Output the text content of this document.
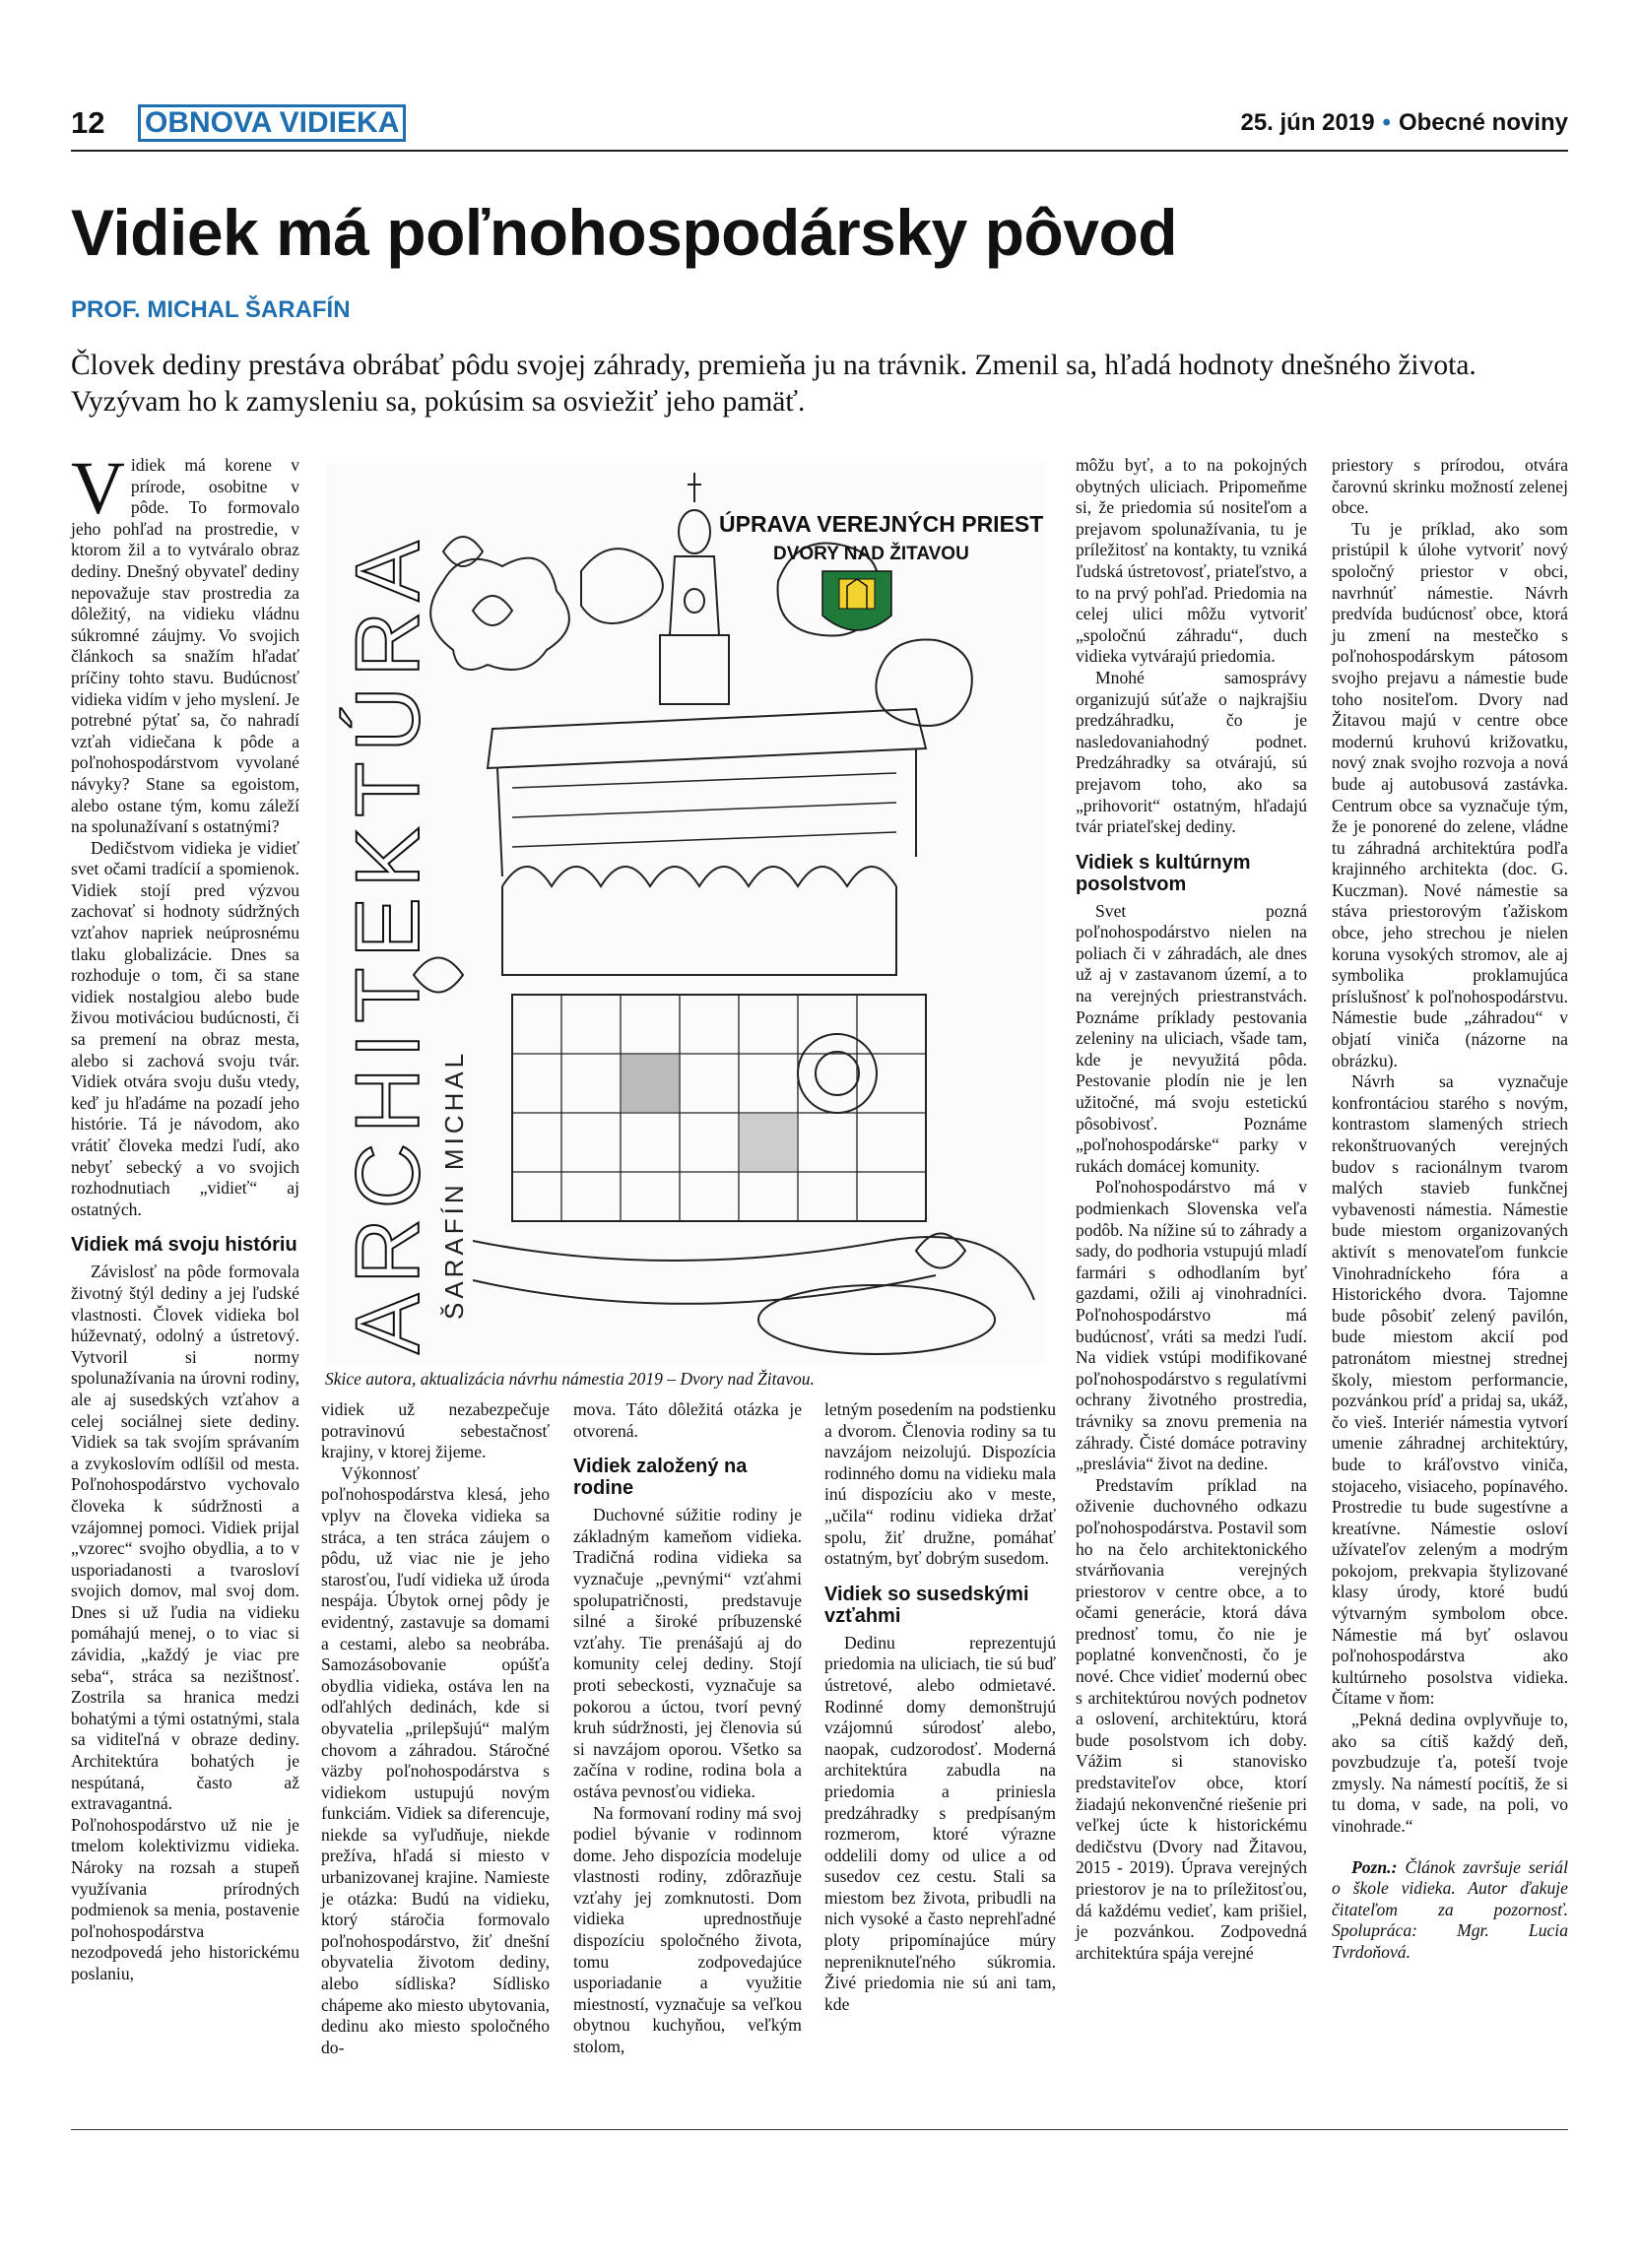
12 OBNOVA VIDIEKA	25. jún 2019 • Obecné noviny
Vidiek má poľnohospodársky pôvod
PROF. MICHAL ŠARAFÍN

Človek dediny prestáva obrábať pôdu svojej záhrady, premieňa ju na trávnik. Zmenil sa, hľadá hodnoty dnešného života. Vyzývam ho k zamysleniu sa, pokúsim sa osviežiť jeho pamäť.

Vidiek má korene v prírode, osobitne v pôde. To formovalo jeho pohľad na prostredie, v ktorom žil a to vytváralo obraz dediny. Dnešný obyvateľ dediny nepovažuje stav prostredia za dôležitý, na vidieku vládnu súkromné záujmy. Vo svojich článkoch sa snažím hľadať príčiny tohto stavu. Budúcnosť vidieka vidím v jeho myslení. Je potrebné pýtať sa, čo nahradí vzťah vidiečana k pôde a poľnohospodárstvom vyvolané návyky? Stane sa egoistom, alebo ostane tým, komu záleží na spolunažívaní s ostatnými?

Dedičstvom vidieka je vidieť svet očami tradícií a spomienok. Vidiek stojí pred výzvou zachovať si hodnoty súdržných vzťahov napriek neúprosnému tlaku globalizácie. Dnes sa rozhoduje o tom, či sa stane vidiek nostalgiou alebo bude živou motiváciou budúcnosti, či sa premení na obraz mesta, alebo si zachová svoju tvár. Vidiek otvára svoju dušu vtedy, keď ju hľadáme na pozadí jeho histórie. Tá je návodom, ako vrátiť človeka medzi ľudí, ako nebyť sebecký a vo svojich rozhodnutiach „vidieť“ aj ostatných.

Vidiek má svoju históriu

Závislosť na pôde formovala životný štýl dediny a jej ľudské vlastnosti. Človek vidieka bol húževnatý, odolný a ústretový. Vytvoril si normy spolunažívania na úrovni rodiny, ale aj susedských vzťahov a celej sociálnej siete dediny. Vidiek sa tak svojím správaním a zvykoslovím odlíšil od mesta. Poľnohospodárstvo vychovalo človeka k súdržnosti a vzájomnej pomoci. Vidiek prijal „vzorec“ svojho obydlia, a to v usporiadanosti a tvarosloví svojich domov, mal svoj dom. Dnes si už ľudia na vidieku pomáhajú menej, o to viac si závidia, „každý je viac pre seba“, stráca sa nezištnosť. Zostrila sa hranica medzi bohatými a tými ostatnými, stala sa viditeľná v obraze dediny. Architektúra bohatých je nespútaná, často až extravagantná. Poľnohospodárstvo už nie je tmelom kolektivizmu vidieka. Nároky na rozsah a stupeň využívania prírodných podmienok sa menia, postavenie poľnohospodárstva nezodpovedá jeho historickému poslaniu,

ÚPRAVA VEREJNÝCH PRIEST
DVORY NAD ŽITAVOU
ARCHITEKTÚRA ŠARAFÍN MICHAL
Skice autora, aktualizácia návrhu námestia 2019 – Dvory nad Žitavou.

vidiek už nezabezpečuje potravinovú sebestačnosť krajiny, v ktorej žijeme.

Výkonnosť poľnohospodárstva klesá, jeho vplyv na človeka vidieka sa stráca, a ten stráca záujem o pôdu, už viac nie je jeho starosťou, ľudí vidieka už úroda nespája. Úbytok ornej pôdy je evidentný, zastavuje sa domami a cestami, alebo sa neobrába. Samozásobovanie opúšťa obydlia vidieka, ostáva len na odľahlých dedinách, kde si obyvatelia „prilepšujú“ malým chovom a záhradou. Stáročné väzby poľnohospodárstva s vidiekom ustupujú novým funkciám. Vidiek sa diferencuje, niekde sa vyľudňuje, niekde prežíva, hľadá si miesto v urbanizovanej krajine. Namieste je otázka: Budú na vidieku, ktorý stáročia formovalo poľnohospodárstvo, žiť dnešní obyvatelia životom dediny, alebo sídliska? Sídlisko chápeme ako miesto ubytovania, dedinu ako miesto spoločného do-

mova. Táto dôležitá otázka je otvorená.

Vidiek založený na rodine

Duchovné súžitie rodiny je základným kameňom vidieka. Tradičná rodina vidieka sa vyznačuje „pevnými“ vzťahmi spolupatričnosti, predstavuje silné a široké príbuzenské vzťahy. Tie prenášajú aj do komunity celej dediny. Stojí proti sebeckosti, vyznačuje sa pokorou a úctou, tvorí pevný kruh súdržnosti, jej členovia sú si navzájom oporou. Všetko sa začína v rodine, rodina bola a ostáva pevnosťou vidieka.

Na formovaní rodiny má svoj podiel bývanie v rodinnom dome. Jeho dispozícia modeluje vlastnosti rodiny, zdôrazňuje vzťahy jej zomknutosti. Dom vidieka uprednostňuje dispozíciu spoločného života, tomu zodpovedajúce usporiadanie a využitie miestností, vyznačuje sa veľkou obytnou kuchyňou, veľkým stolom,

letným posedením na podstienku a dvorom. Členovia rodiny sa tu navzájom neizolujú. Dispozícia rodinného domu na vidieku mala inú dispozíciu ako v meste, „učila“ rodinu vidieka držať spolu, žiť družne, pomáhať ostatným, byť dobrým susedom.

Vidiek so susedskými vzťahmi

Dedinu reprezentujú priedomia na uliciach, tie sú buď ústretové, alebo odmietavé. Rodinné domy demonštrujú vzájomnú súrodosť alebo, naopak, cudzorodosť. Moderná architektúra zabudla na priedomia a priniesla predzáhradky s predpísaným rozmerom, ktoré výrazne oddelili domy od ulice a od susedov cez cestu. Stali sa miestom bez života, pribudli na nich vysoké a často neprehľadné ploty pripomínajúce múry nepreniknuteľného súkromia. Živé priedomia nie sú ani tam, kde

môžu byť, a to na pokojných obytných uliciach. Pripomeňme si, že priedomia sú nositeľom a prejavom spolunažívania, tu je príležitosť na kontakty, tu vzniká ľudská ústretovosť, priateľstvo, a to na prvý pohľad. Priedomia na celej ulici môžu vytvoriť „spoločnú záhradu“, duch vidieka vytvárajú priedomia.

Mnohé samosprávy organizujú súťaže o najkrajšiu predzáhradku, čo je nasledovaniahodný podnet. Predzáhradky sa otvárajú, sú prejavom toho, ako sa „prihovorit“ ostatným, hľadajú tvár priateľskej dediny.

Vidiek s kultúrnym posolstvom

Svet pozná poľnohospodárstvo nielen na poliach či v záhradách, ale dnes už aj v zastavanom území, a to na verejných priestranstvách. Poznáme príklady pestovania zeleniny na uliciach, všade tam, kde je nevyužitá pôda. Pestovanie plodín nie je len užitočné, má svoju estetickú pôsobivosť. Poznáme „poľnohospodárske“ parky v rukách domácej komunity.

Poľnohospodárstvo má v podmienkach Slovenska veľa podôb. Na nížine sú to záhrady a sady, do podhoria vstupujú mladí farmári s odhodlaním byť gazdami, ožili aj vinohradníci. Poľnohospodárstvo má budúcnosť, vráti sa medzi ľudí. Na vidiek vstúpi modifikované poľnohospodárstvo s regulatívmi ochrany životného prostredia, trávniky sa znovu premenia na záhrady. Čisté domáce potraviny „preslávia“ život na dedine.

Predstavím príklad na oživenie duchovného odkazu poľnohospodárstva. Postavil som ho na čelo architektonického stvárňovania verejných priestorov v centre obce, a to očami generácie, ktorá dáva prednosť tomu, čo nie je poplatné konvenčnosti, čo je nové. Chce vidieť modernú obec s architektúrou nových podnetov a oslovení, architektúru, ktorá bude posolstvom ich doby. Vážim si stanovisko predstaviteľov obce, ktorí žiadajú nekonvenčné riešenie pri veľkej úcte k historickému dedičstvu (Dvory nad Žitavou, 2015 - 2019). Úprava verejných priestorov je na to príležitosťou, dá každému vedieť, kam prišiel, je pozvánkou. Zodpovedná architektúra spája verejné

priestory s prírodou, otvára čarovnú skrinku možností zelenej obce.

Tu je príklad, ako som pristúpil k úlohe vytvoriť nový spoločný priestor v obci, navrhnúť námestie. Návrh predvída budúcnosť obce, ktorá ju zmení na mestečko s poľnohospodárskym pátosom svojho prejavu a námestie bude toho nositeľom. Dvory nad Žitavou majú v centre obce modernú kruhovú križovatku, nový znak svojho rozvoja a nová bude aj autobusová zastávka. Centrum obce sa vyznačuje tým, že je ponorené do zelene, vládne tu záhradná architektúra podľa krajinného architekta (doc. G. Kuczman). Nové námestie sa stáva priestorovým ťažiskom obce, jeho strechou je nielen koruna vysokých stromov, ale aj symbolika proklamujúca príslušnosť k poľnohospodárstvu. Námestie bude „záhradou“ v objatí viniča (názorne na obrázku).

Návrh sa vyznačuje konfrontáciou starého s novým, kontrastom slamených striech rekonštruovaných verejných budov s racionálnym tvarom malých stavieb funkčnej vybavenosti námestia. Námestie bude miestom organizovaných aktivít s menovateľom funkcie Vinohradníckeho fóra a Historického dvora. Tajomne bude pôsobiť zelený pavilón, bude miestom akcií pod patronátom miestnej strednej školy, miestom performancie, pozvánkou príď a pridaj sa, ukáž, čo vieš. Interiér námestia vytvorí umenie záhradnej architektúry, bude to kráľovstvo viniča, stojaceho, visiaceho, popínavého. Prostredie tu bude sugestívne a kreatívne. Námestie osloví užívateľov zeleným a modrým pokojom, prekvapia štylizované klasy úrody, ktoré budú výtvarným symbolom obce. Námestie má byť oslavou poľnohospodárstva ako kultúrneho posolstva vidieka. Čítame v ňom:

„Pekná dedina ovplyvňuje to, ako sa cítiš každý deň, povzbudzuje ťa, poteší tvoje zmysly. Na námestí pocítiš, že si tu doma, v sade, na poli, vo vinohrade.“

Pozn.: Článok završuje seriál o škole vidieka. Autor ďakuje čitateľom za pozornosť. Spolupráca: Mgr. Lucia Tvrdoňová.
